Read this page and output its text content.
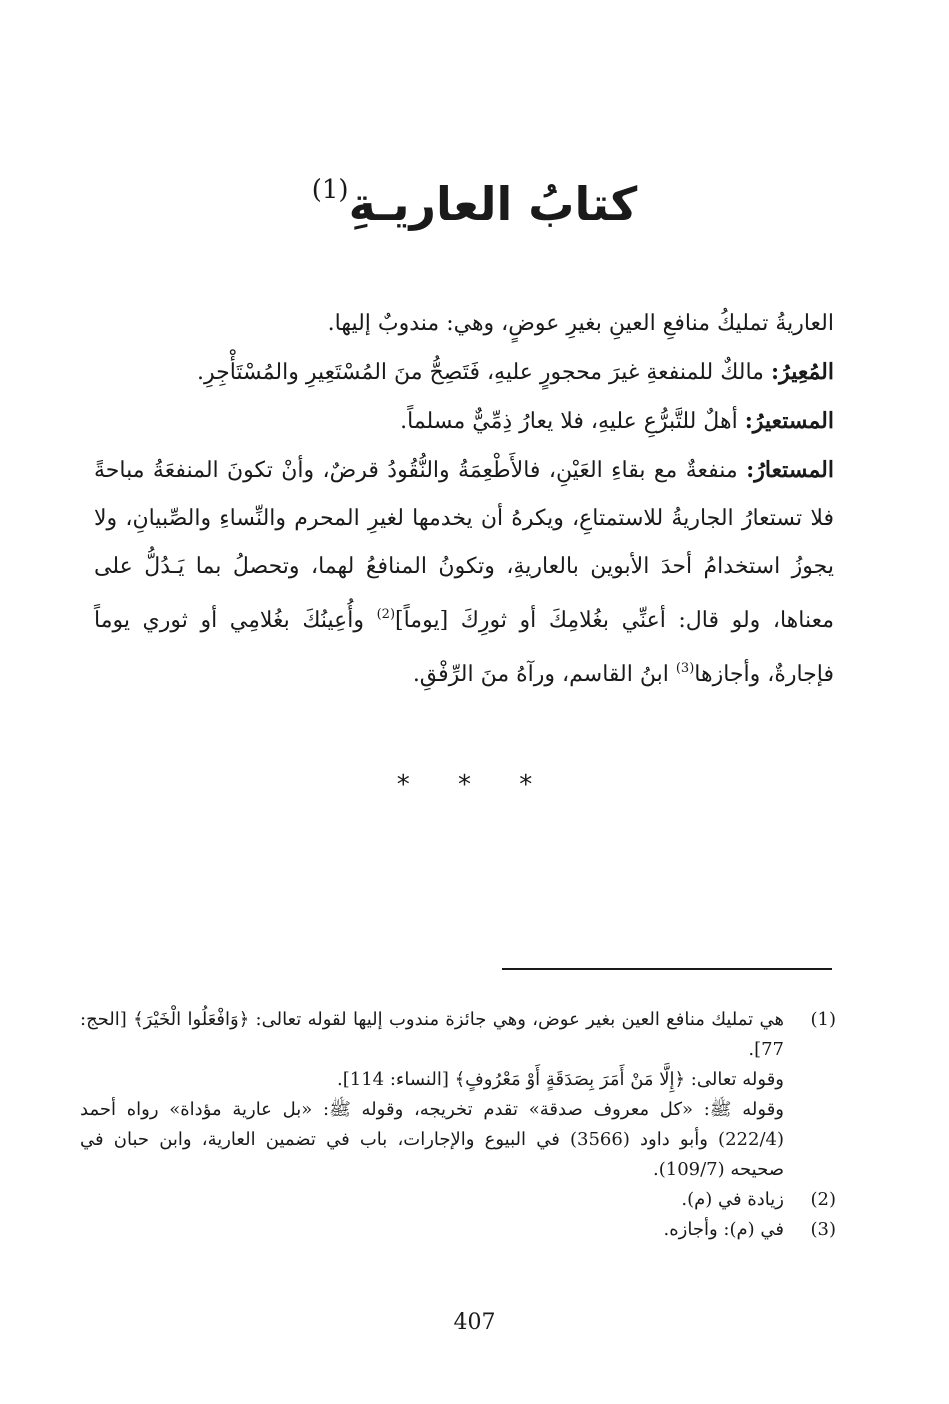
كتابُ العاريـةِ$^{(1)}$

العاريةُ تمليكُ منافعِ العينِ بغيرِ عوضٍ، وهي: مندوبٌ إليها.

المُعِيرُ: مالكٌ للمنفعةِ غيرَ محجورٍ عليهِ، فَتَصِحُّ منَ المُسْتَعِيرِ والمُسْتَأْجِرِ.

المستعيرُ: أهلٌ للتَّبرُّعِ عليهِ، فلا يعارُ ذِمِّيٌّ مسلماً.

المستعارُ: منفعةٌ مع بقاءِ العَيْنِ، فالأَطْعِمَةُ والنُّقُودُ قرضٌ، وأنْ تكونَ المنفعَةُ مباحةً فلا تستعارُ الجاريةُ للاستمتاعِ، ويكرهُ أن يخدمها لغيرِ المحرم والنِّساءِ والصِّبيانِ، ولا يجوزُ استخدامُ أحدَ الأبوين بالعاريةِ، وتكونُ المنافعُ لهما، وتحصلُ بما يَـدُلُّ على معناها، ولو قال: أعنِّي بغُلامِكَ أو ثورِكَ [يوماً]$^{(2)}$ وأُعِينُكَ بغُلامِي أو ثوري يوماً فإجارةٌ، وأجازها$^{(3)}$ ابنُ القاسم، ورآهُ منَ الرِّفْقِ.

* * *
(1)
هي تمليك منافع العين بغير عوض، وهي جائزة مندوب إليها لقوله تعالى: ﴿وَافْعَلُوا الْخَيْرَ﴾ [الحج: 77].
وقوله تعالى: ﴿إِلَّا مَنْ أَمَرَ بِصَدَقَةٍ أَوْ مَعْرُوفٍ﴾ [النساء: 114].
وقوله ﷺ: «كل معروف صدقة» تقدم تخريجه، وقوله ﷺ: «بل عارية مؤداة» رواه أحمد (222/4) وأبو داود (3566) في البيوع والإجارات، باب في تضمين العارية، وابن حبان في صحيحه (109/7).
(2)
زيادة في (م).
(3)
في (م): وأجازه.
407
